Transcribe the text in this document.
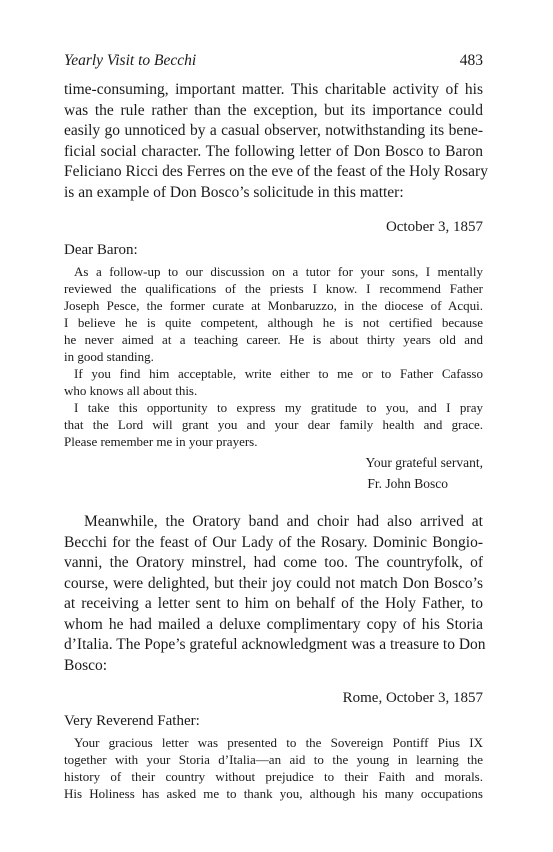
Yearly Visit to Becchi	483

time-consuming, important matter. This charitable activity of his
was the rule rather than the exception, but its importance could
easily go unnoticed by a casual observer, notwithstanding its bene-
ficial social character. The following letter of Don Bosco to Baron
Feliciano Ricci des Ferres on the eve of the feast of the Holy Rosary
is an example of Don Bosco’s solicitude in this matter:

October 3, 1857
Dear Baron:
As a follow-up to our discussion on a tutor for your sons, I mentally
reviewed the qualifications of the priests I know. I recommend Father
Joseph Pesce, the former curate at Monbaruzzo, in the diocese of Acqui.
I believe he is quite competent, although he is not certified because
he never aimed at a teaching career. He is about thirty years old and
in good standing.
If you find him acceptable, write either to me or to Father Cafasso
who knows all about this.
I take this opportunity to express my gratitude to you, and I pray
that the Lord will grant you and your dear family health and grace.
Please remember me in your prayers.
Your grateful servant,
Fr. John Bosco

Meanwhile, the Oratory band and choir had also arrived at
Becchi for the feast of Our Lady of the Rosary. Dominic Bongio-
vanni, the Oratory minstrel, had come too. The countryfolk, of
course, were delighted, but their joy could not match Don Bosco’s
at receiving a letter sent to him on behalf of the Holy Father, to
whom he had mailed a deluxe complimentary copy of his Storia
d’Italia. The Pope’s grateful acknowledgment was a treasure to Don
Bosco:

Rome, October 3, 1857
Very Reverend Father:
Your gracious letter was presented to the Sovereign Pontiff Pius IX
together with your Storia d’Italia—an aid to the young in learning the
history of their country without prejudice to their Faith and morals.
His Holiness has asked me to thank you, although his many occupations
